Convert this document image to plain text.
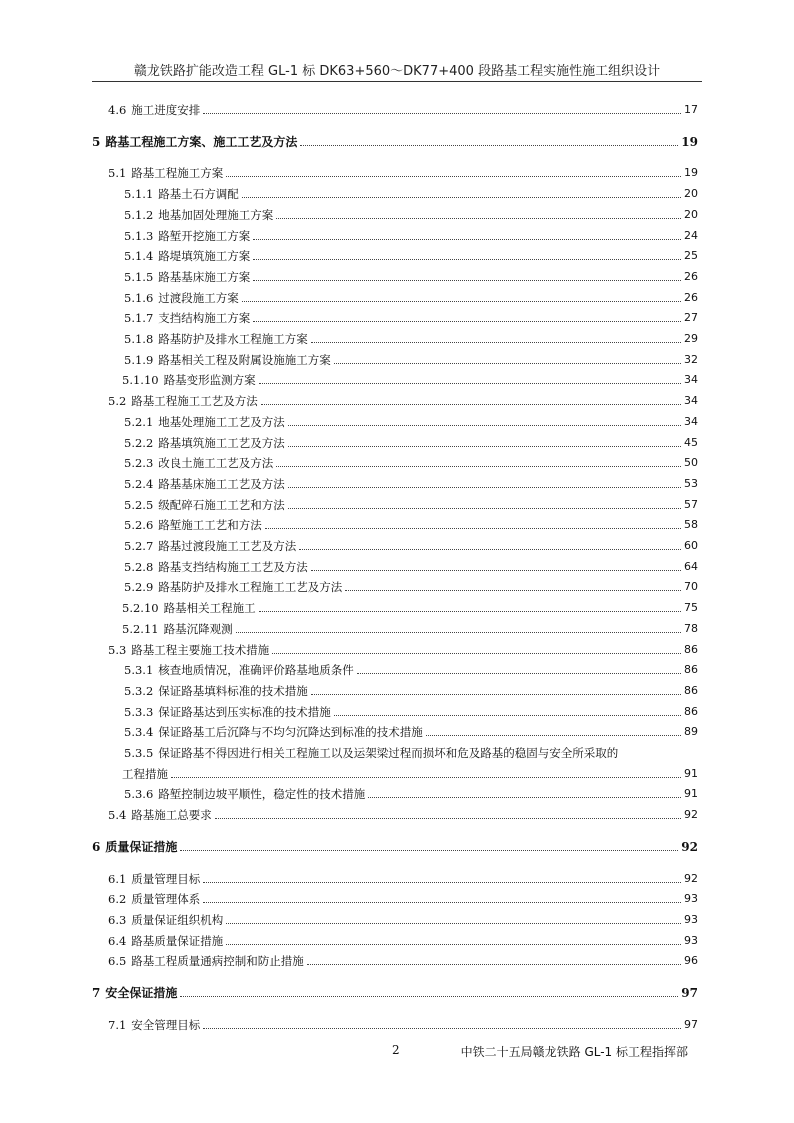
赣龙铁路扩能改造工程 GL-1 标 DK63+560～DK77+400 段路基工程实施性施工组织设计
4.6 施工进度安排	17
5 路基工程施工方案、施工工艺及方法	19
5.1 路基工程施工方案	19
5.1.1 路基土石方调配	20
5.1.2 地基加固处理施工方案	20
5.1.3 路堑开挖施工方案	24
5.1.4 路堤填筑施工方案	25
5.1.5 路基基床施工方案	26
5.1.6 过渡段施工方案	26
5.1.7 支挡结构施工方案	27
5.1.8 路基防护及排水工程施工方案	29
5.1.9 路基相关工程及附属设施施工方案	32
5.1.10 路基变形监测方案	34
5.2 路基工程施工工艺及方法	34
5.2.1 地基处理施工工艺及方法	34
5.2.2 路基填筑施工工艺及方法	45
5.2.3 改良土施工工艺及方法	50
5.2.4 路基基床施工工艺及方法	53
5.2.5 级配碎石施工工艺和方法	57
5.2.6 路堑施工工艺和方法	58
5.2.7 路基过渡段施工工艺及方法	60
5.2.8 路基支挡结构施工工艺及方法	64
5.2.9 路基防护及排水工程施工工艺及方法	70
5.2.10 路基相关工程施工	75
5.2.11 路基沉降观测	78
5.3 路基工程主要施工技术措施	86
5.3.1 核查地质情况，准确评价路基地质条件	86
5.3.2 保证路基填料标准的技术措施	86
5.3.3 保证路基达到压实标准的技术措施	86
5.3.4 保证路基工后沉降与不均匀沉降达到标准的技术措施	89
5.3.5 保证路基不得因进行相关工程施工以及运架梁过程而损坏和危及路基的稳固与安全所采取的
工程措施	91
5.3.6 路堑控制边坡平顺性，稳定性的技术措施	91
5.4 路基施工总要求	92
6 质量保证措施	92
6.1 质量管理目标	92
6.2 质量管理体系	93
6.3 质量保证组织机构	93
6.4 路基质量保证措施	93
6.5 路基工程质量通病控制和防止措施	96
7 安全保证措施	97
7.1 安全管理目标	97
2	中铁二十五局赣龙铁路 GL-1 标工程指挥部
